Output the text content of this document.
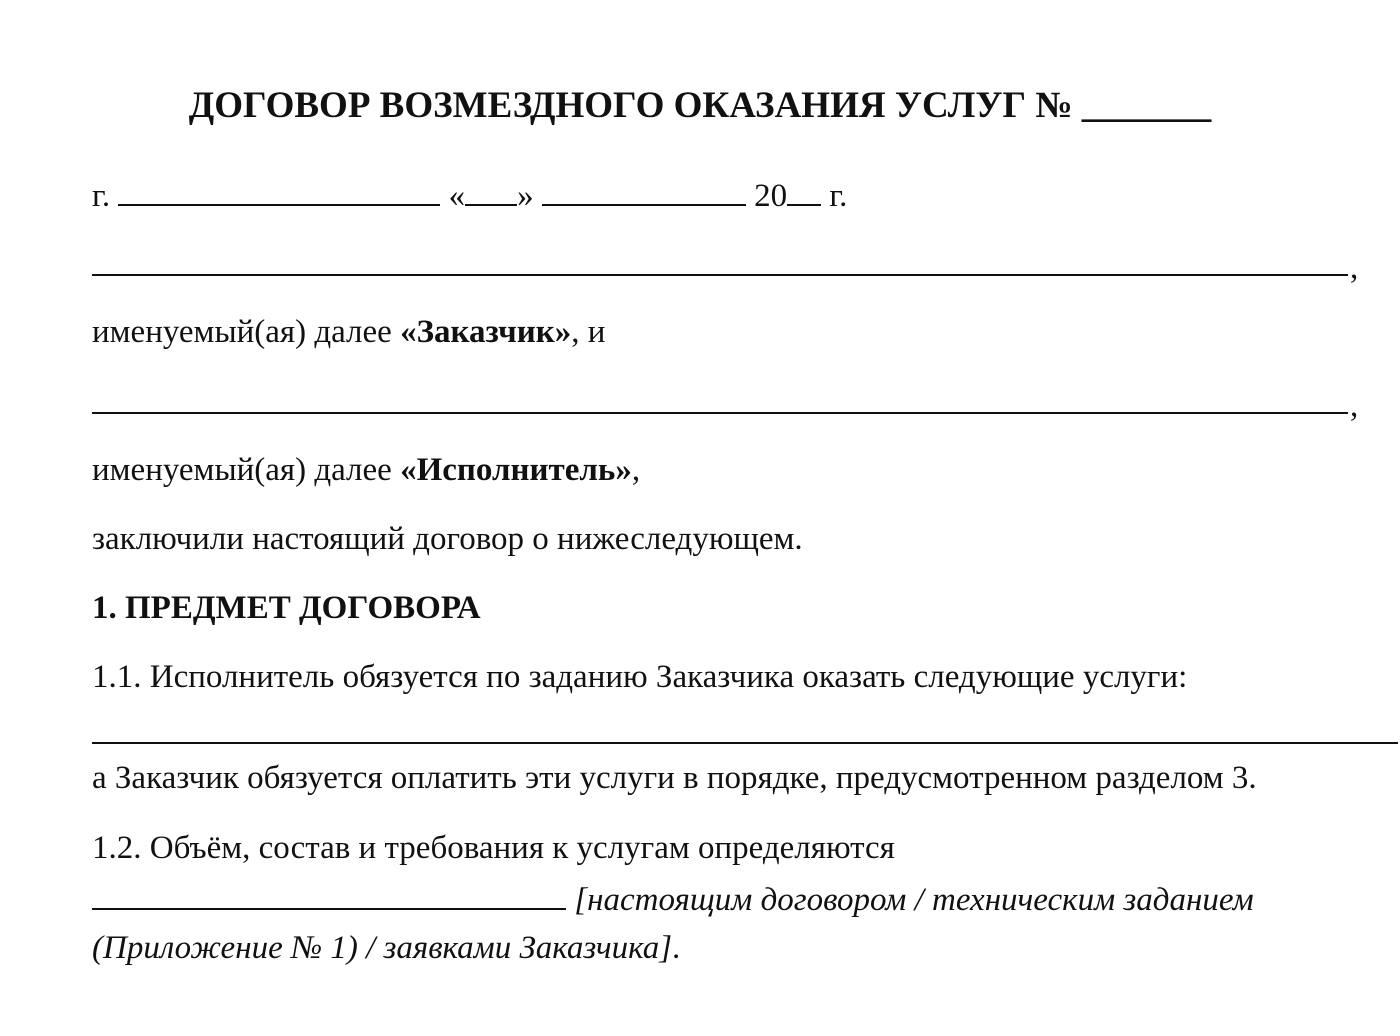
ДОГОВОР ВОЗМЕЗДНОГО ОКАЗАНИЯ УСЛУГ № _______
г.	« »	20 г.
,
именуемый(ая) далее «Заказчик», и
,
именуемый(ая) далее «Исполнитель»,
заключили настоящий договор о нижеследующем.
1. ПРЕДМЕТ ДОГОВОРА
1.1. Исполнитель обязуется по заданию Заказчика оказать следующие услуги:
а Заказчик обязуется оплатить эти услуги в порядке, предусмотренном разделом 3.
1.2. Объём, состав и требования к услугам определяются
[настоящим договором / техническим заданием
(Приложение № 1) / заявками Заказчика].
